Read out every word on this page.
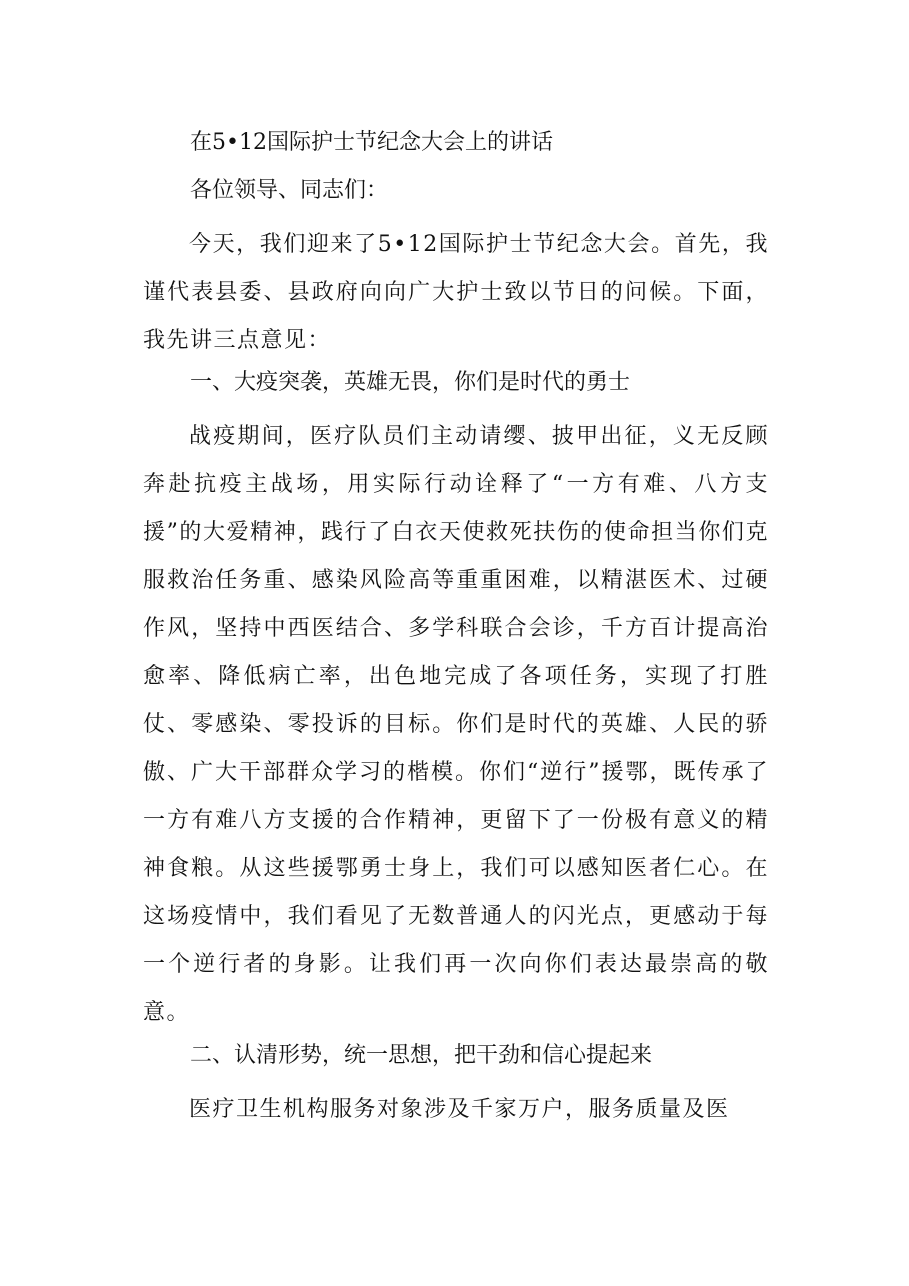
在5•12国际护士节纪念大会上的讲话

各位领导、同志们：

今天，我们迎来了5•12国际护士节纪念大会。首先，我谨代表县委、县政府向向广大护士致以节日的问候。下面，我先讲三点意见：

一、大疫突袭，英雄无畏，你们是时代的勇士

战疫期间，医疗队员们主动请缨、披甲出征，义无反顾奔赴抗疫主战场，用实际行动诠释了“一方有难、八方支援”的大爱精神，践行了白衣天使救死扶伤的使命担当你们克服救治任务重、感染风险高等重重困难，以精湛医术、过硬作风，坚持中西医结合、多学科联合会诊，千方百计提高治愈率、降低病亡率，出色地完成了各项任务，实现了打胜仗、零感染、零投诉的目标。你们是时代的英雄、人民的骄傲、广大干部群众学习的楷模。你们“逆行”援鄂，既传承了一方有难八方支援的合作精神，更留下了一份极有意义的精神食粮。从这些援鄂勇士身上，我们可以感知医者仁心。在这场疫情中，我们看见了无数普通人的闪光点，更感动于每一个逆行者的身影。让我们再一次向你们表达最崇高的敬意。

二、认清形势，统一思想，把干劲和信心提起来

医疗卫生机构服务对象涉及千家万户，服务质量及医
